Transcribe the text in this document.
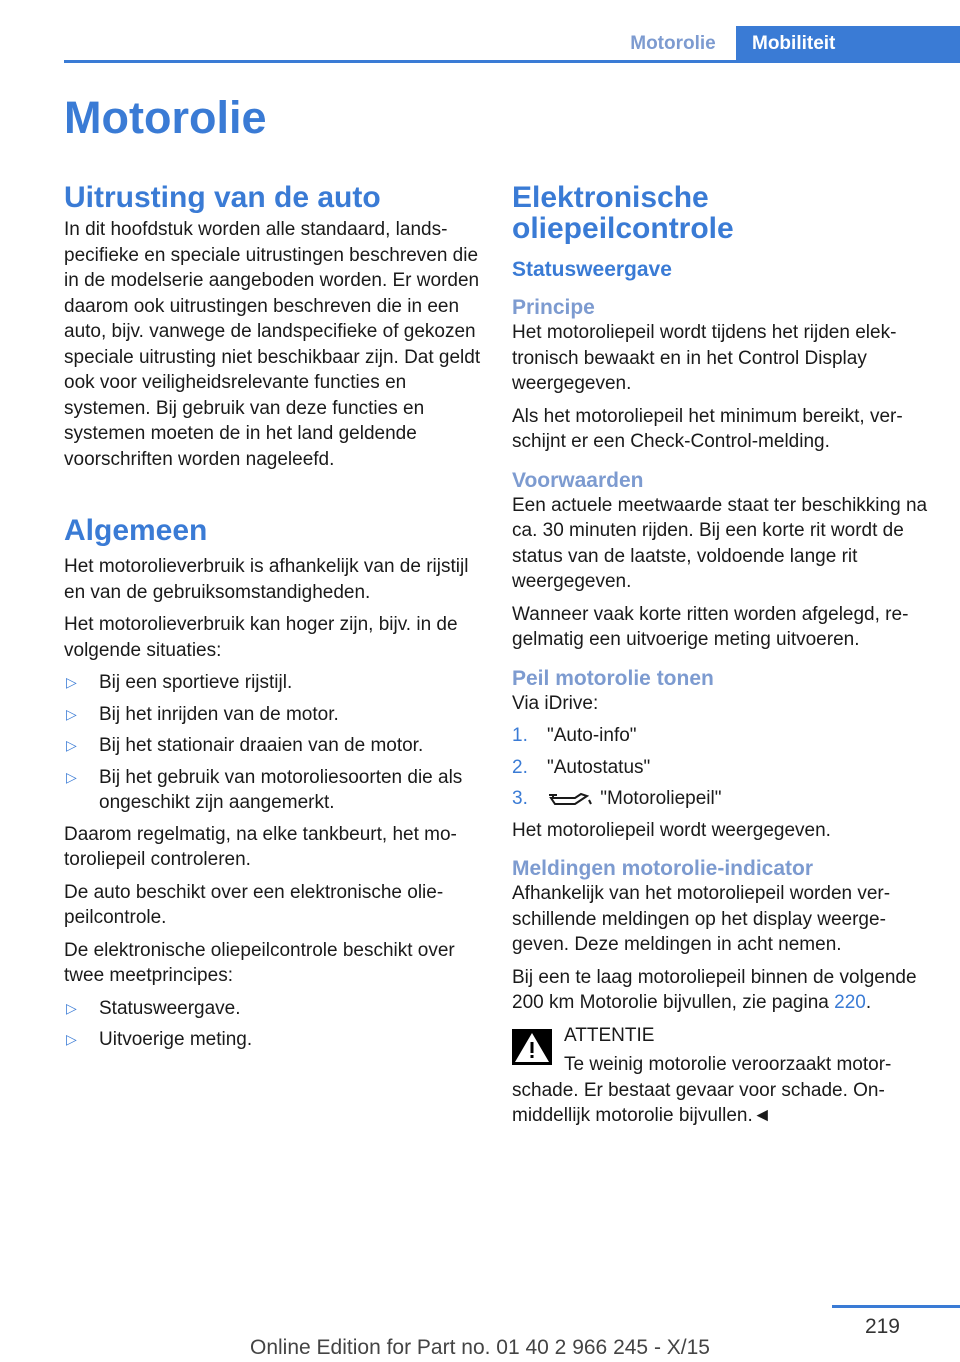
Motorolie	Mobiliteit
Motorolie
Uitrusting van de auto

In dit hoofdstuk worden alle standaard, landspecifieke en speciale uitrustingen beschreven die in de modelserie aangeboden worden. Er worden daarom ook uitrustingen beschreven die in een auto, bijv. vanwege de landspecifieke of gekozen speciale uitrusting niet beschikbaar zijn. Dat geldt ook voor veiligheidsrelevante functies en systemen. Bij gebruik van deze functies en systemen moeten de in het land geldende voorschriften worden nageleefd.

Algemeen

Het motorolieverbruik is afhankelijk van de rijstijl en van de gebruiksomstandigheden.

Het motorolieverbruik kan hoger zijn, bijv. in de volgende situaties:

▷ Bij een sportieve rijstijl.
▷ Bij het inrijden van de motor.
▷ Bij het stationair draaien van de motor.
▷ Bij het gebruik van motoroliesoorten die als ongeschikt zijn aangemerkt.

Daarom regelmatig, na elke tankbeurt, het motoroliepeil controleren.

De auto beschikt over een elektronische oliepeilcontrole.

De elektronische oliepeilcontrole beschikt over twee meetprincipes:

▷ Statusweergave.
▷ Uitvoerige meting.
Elektronische oliepeilcontrole
Statusweergave
Principe

Het motoroliepeil wordt tijdens het rijden elektronisch bewaakt en in het Control Display weergegeven.

Als het motoroliepeil het minimum bereikt, verschijnt er een Check-Control-melding.

Voorwaarden

Een actuele meetwaarde staat ter beschikking na ca. 30 minuten rijden. Bij een korte rit wordt de status van de laatste, voldoende lange rit weergegeven.

Wanneer vaak korte ritten worden afgelegd, regelmatig een uitvoerige meting uitvoeren.

Peil motorolie tonen

Via iDrive:

1. "Auto-info"
2. "Autostatus"
3.	"Motoroliepeil"

Het motoroliepeil wordt weergegeven.

Meldingen motorolie-indicator

Afhankelijk van het motoroliepeil worden verschillende meldingen op het display weergegeven. Deze meldingen in acht nemen.

Bij een te laag motoroliepeil binnen de volgende 200 km Motorolie bijvullen, zie pagina 220.

ATTENTIE

Te weinig motorolie veroorzaakt motorschade. Er bestaat gevaar voor schade. Onmiddellijk motorolie bijvullen.◄

219
Online Edition for Part no. 01 40 2 966 245 - X/15
